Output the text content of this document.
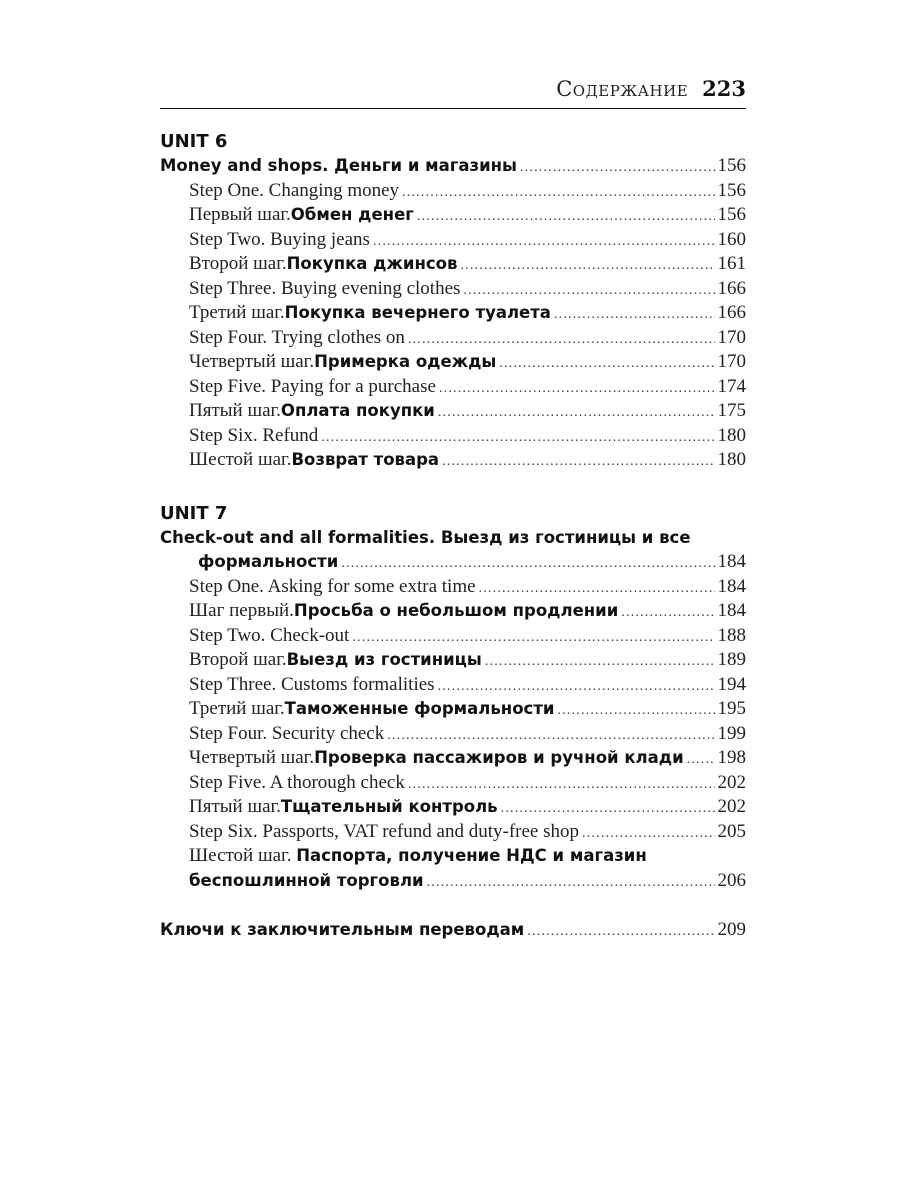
Содержание 223
UNIT 6
Money and shops. Деньги и магазины .....	156
Step One. Changing money .....	156
Первый шаг. Обмен денег .....	156
Step Two. Buying jeans .....	160
Второй шаг. Покупка джинсов .....	161
Step Three. Buying evening clothes .....	166
Третий шаг. Покупка вечернего туалета .....	166
Step Four. Trying clothes on .....	170
Четвертый шаг. Примерка одежды .....	170
Step Five. Paying for a purchase .....	174
Пятый шаг. Оплата покупки .....	175
Step Six. Refund .....	180
Шестой шаг. Возврат товара .....	180
UNIT 7
Check-out and all formalities. Выезд из гостиницы и все
формальности .....	184
Step One. Asking for some extra time .....	184
Шаг первый. Просьба о небольшом продлении .....	184
Step Two. Check-out .....	188
Второй шаг. Выезд из гостиницы .....	189
Step Three. Customs formalities .....	194
Третий шаг. Таможенные формальности .....	195
Step Four. Security check .....	199
Четвертый шаг. Проверка пассажиров и ручной клади ..... 198
Step Five. A thorough check .....	202
Пятый шаг. Тщательный контроль .....	202
Step Six. Passports, VAT refund and duty-free shop .....	205
Шестой шаг. Паспорта, получение НДС и магазин
беспошлинной торговли .....	206
Ключи к заключительным переводам .....	209
